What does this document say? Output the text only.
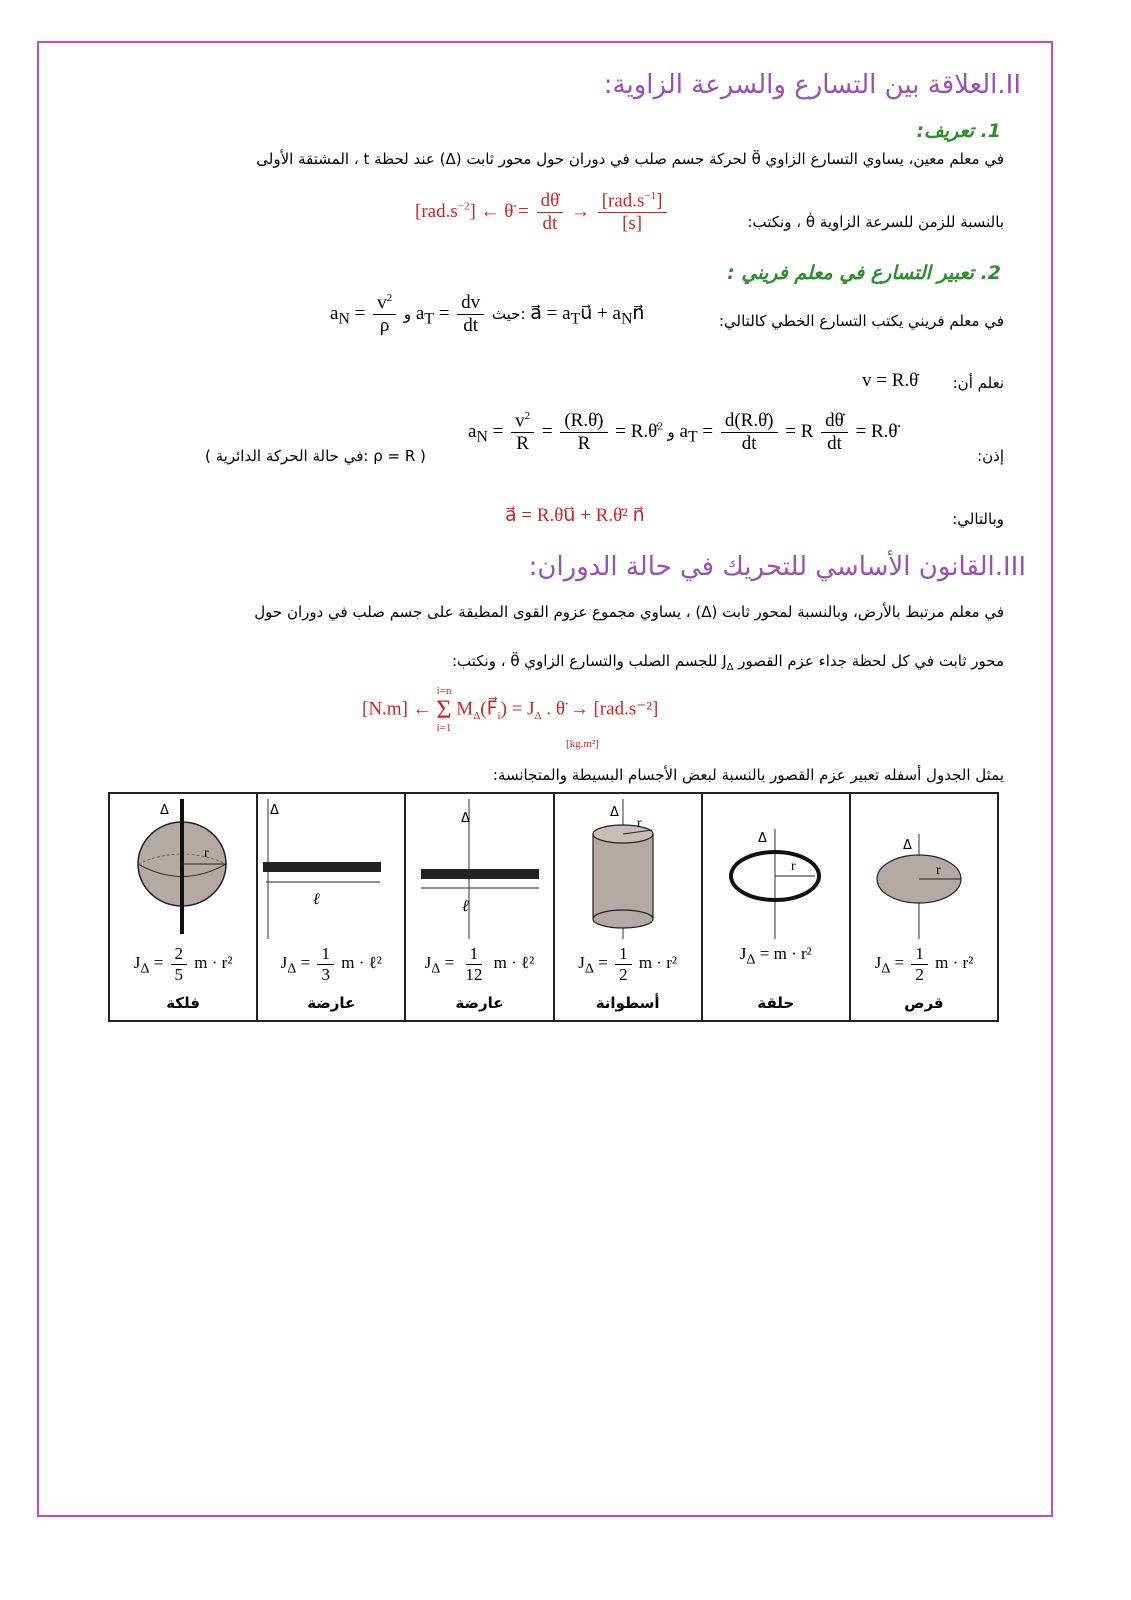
II.العلاقة بين التسارع والسرعة الزاوية:
1. تعريف:
في معلم معين، يساوي التسارع الزاوي θ̈ لحركة جسم صلب في دوران حول محور ثابت (Δ) عند لحظة t ، المشتقة الأولى
بالنسبة للزمن للسرعة الزاوية θ̇ ، ونكتب:
$[rad.s^{-2}]$ ← θ̈ = $\frac{d\thetȧ}{dt} \to \frac{[rad.s^{-1}]}{[s]}$
2. تعبير التسارع في معلم فريني :
في معلم فريني يكتب التسارع الخطي كالتالي:
$a_N = \frac{v^2}{\rho}$ و $a_T = \frac{dv}{dt}$ حيث: a⃗ = $a_Tu⃗$ + $a_Nn⃗$
نعلم أن:
v = R.θ̇
إذن:
$a_N = \frac{v^2}{R} = \frac{(R.\thetȧ)}{R}$ = R.θ̇$^2$ و $a_T = \frac{d(R.\thetȧ)}{dt} = R \frac{d\thetȧ}{dt}$ = R.θ̈
( ρ = R :في حالة الحركة الدائرية )
وبالتالي:
a⃗ = R.θ̈u⃗ + R.θ̇² n⃗
III.القانون الأساسي للتحريك في حالة الدوران:
في معلم مرتبط بالأرض، وبالنسبة لمحور ثابت (Δ) ، يساوي مجموع عزوم القوى المطبقة على جسم صلب في دوران حول
محور ثابت في كل لحظة جداء عزم القصور $J_\Delta$ للجسم الصلب والتسارع الزاوي θ̈ ، ونكتب:
[N.m] ←
i=n
Σ
i=1
$M_\Delta(F⃗_i) = J_\Delta$ . θ̈ → [rad.s⁻²]
[kg.m²]
يمثل الجدول أسفله تعبير عزم القصور بالنسبة لبعض الأجسام البسيطة والمتجانسة:
Δ
r
$J_\Delta = \frac{2}{5}$ m · r²
فلكة
Δ
ℓ
$J_\Delta = \frac{1}{3}$ m · ℓ²
عارضة
Δ
ℓ
$J_\Delta = \frac{1}{12}$ m · ℓ²
عارضة
Δ
r
$J_\Delta = \frac{1}{2}$ m · r²
أسطوانة
Δ
r
$J_\Delta = m \cdot r^2$
حلقة
Δ
r
$J_\Delta = \frac{1}{2}$ m · r²
قرص
